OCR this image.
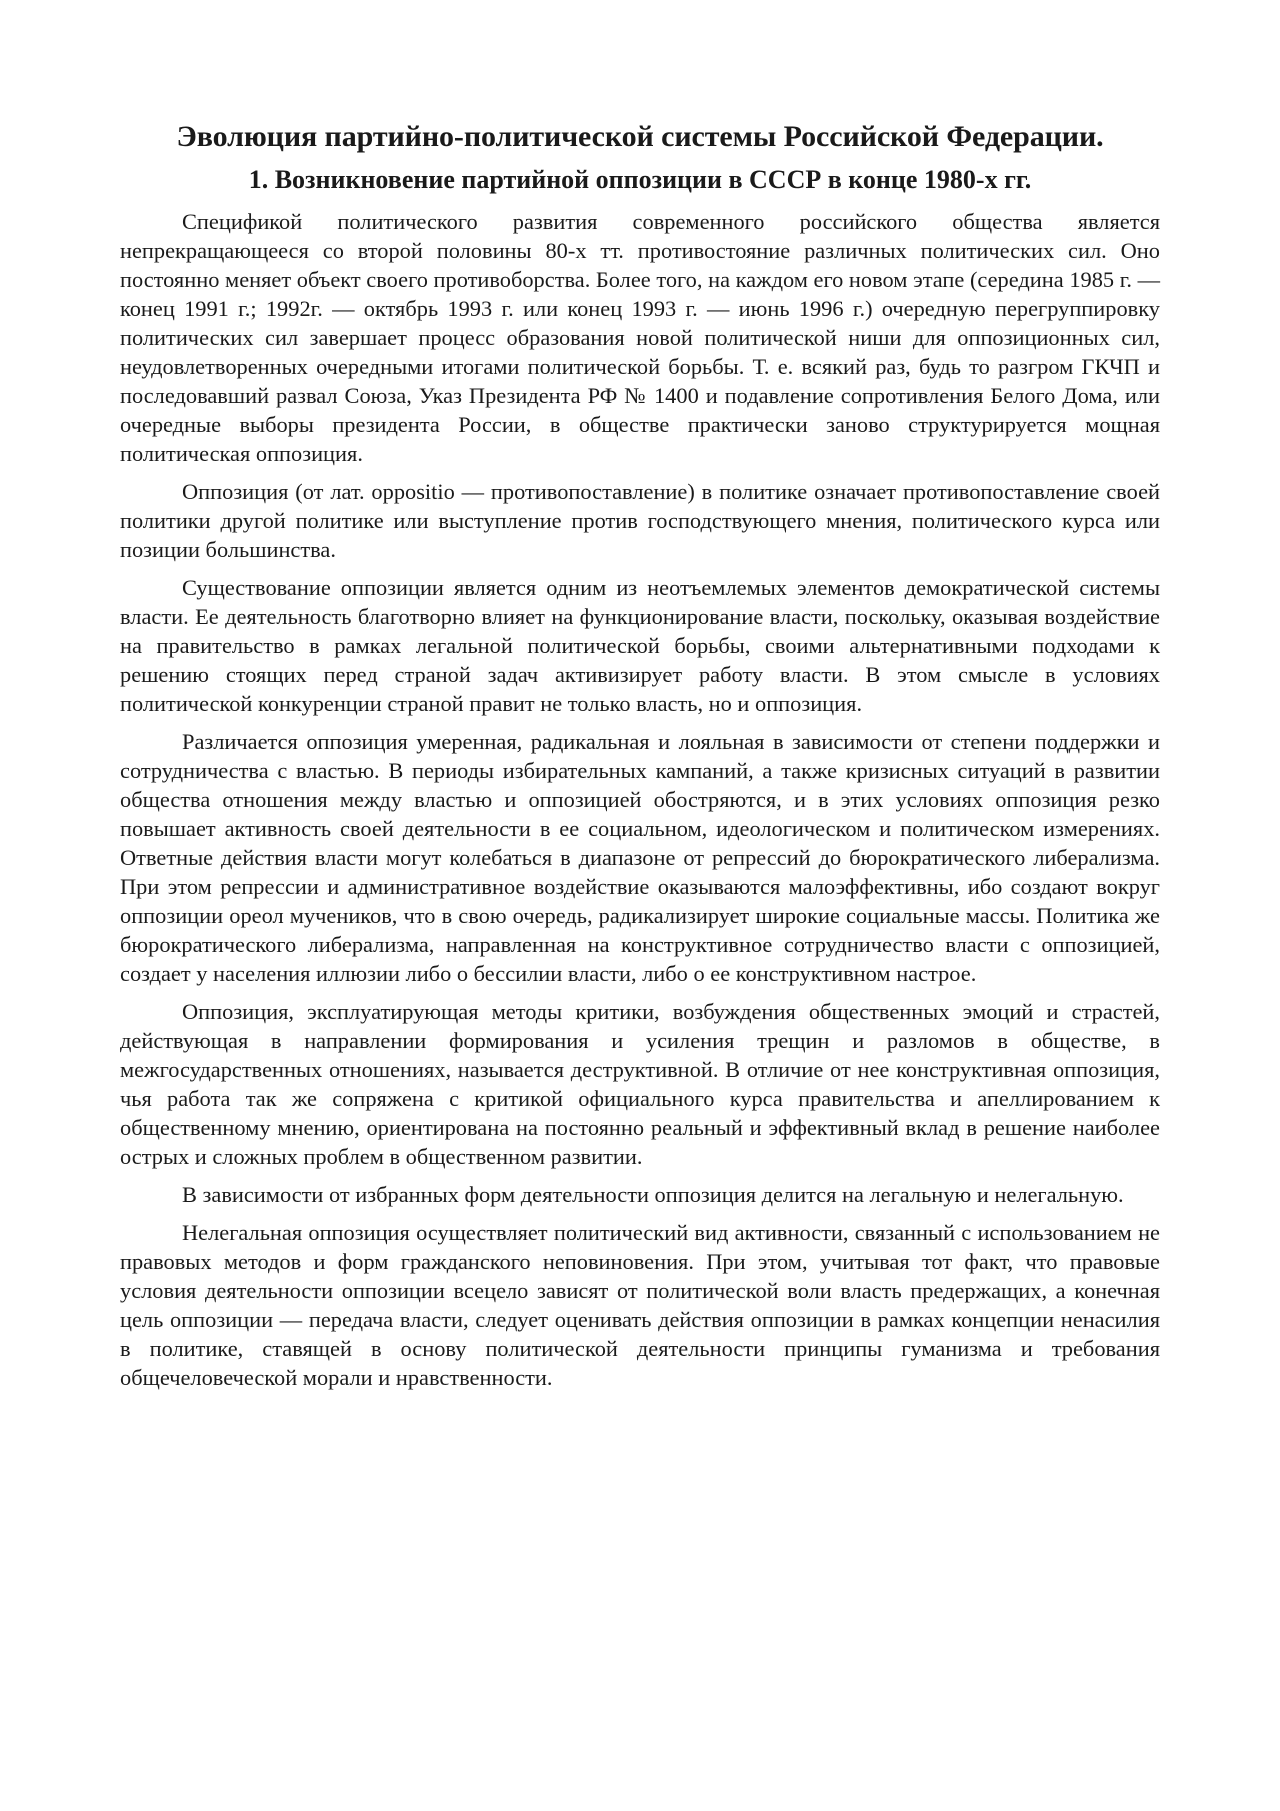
Эволюция партийно-политической системы Российской Федерации.
1. Возникновение партийной оппозиции в СССР в конце 1980-х гг.

Спецификой политического развития современного российского общества является непрекращающееся со второй половины 80-х тт. противостояние различных политических сил. Оно постоянно меняет объект своего противоборства. Более того, на каждом его новом этапе (середина 1985 г. — конец 1991 г.; 1992г. — октябрь 1993 г. или конец 1993 г. — июнь 1996 г.) очередную перегруппировку политических сил завершает процесс образования новой политической ниши для оппозиционных сил, неудовлетворенных очередными итогами политической борьбы. Т. е. всякий раз, будь то разгром ГКЧП и последовавший развал Союза, Указ Президента РФ № 1400 и подавление сопротивления Белого Дома, или очередные выборы президента России, в обществе практически заново структурируется мощная политическая оппозиция.

Оппозиция (от лат. oppositio — противопоставление) в политике означает противопоставление своей политики другой политике или выступление против господствующего мнения, политического курса или позиции большинства.

Существование оппозиции является одним из неотъемлемых элементов демократической системы власти. Ее деятельность благотворно влияет на функционирование власти, поскольку, оказывая воздействие на правительство в рамках легальной политической борьбы, своими альтернативными подходами к решению стоящих перед страной задач активизирует работу власти. В этом смысле в условиях политической конкуренции страной правит не только власть, но и оппозиция.

Различается оппозиция умеренная, радикальная и лояльная в зависимости от степени поддержки и сотрудничества с властью. В периоды избирательных кампаний, а также кризисных ситуаций в развитии общества отношения между властью и оппозицией обостряются, и в этих условиях оппозиция резко повышает активность своей деятельности в ее социальном, идеологическом и политическом измерениях. Ответные действия власти могут колебаться в диапазоне от репрессий до бюрократического либерализма. При этом репрессии и административное воздействие оказываются малоэффективны, ибо создают вокруг оппозиции ореол мучеников, что в свою очередь, радикализирует широкие социальные массы. Политика же бюрократического либерализма, направленная на конструктивное сотрудничество власти с оппозицией, создает у населения иллюзии либо о бессилии власти, либо о ее конструктивном настрое.

Оппозиция, эксплуатирующая методы критики, возбуждения общественных эмоций и страстей, действующая в направлении формирования и усиления трещин и разломов в обществе, в межгосударственных отношениях, называется деструктивной. В отличие от нее конструктивная оппозиция, чья работа так же сопряжена с критикой официального курса правительства и апеллированием к общественному мнению, ориентирована на постоянно реальный и эффективный вклад в решение наиболее острых и сложных проблем в общественном развитии.

В зависимости от избранных форм деятельности оппозиция делится на легальную и нелегальную.

Нелегальная оппозиция осуществляет политический вид активности, связанный с использованием не правовых методов и форм гражданского неповиновения. При этом, учитывая тот факт, что правовые условия деятельности оппозиции всецело зависят от политической воли власть предержащих, а конечная цель оппозиции — передача власти, следует оценивать действия оппозиции в рамках концепции ненасилия в политике, ставящей в основу политической деятельности принципы гуманизма и требования общечеловеческой морали и нравственности.
